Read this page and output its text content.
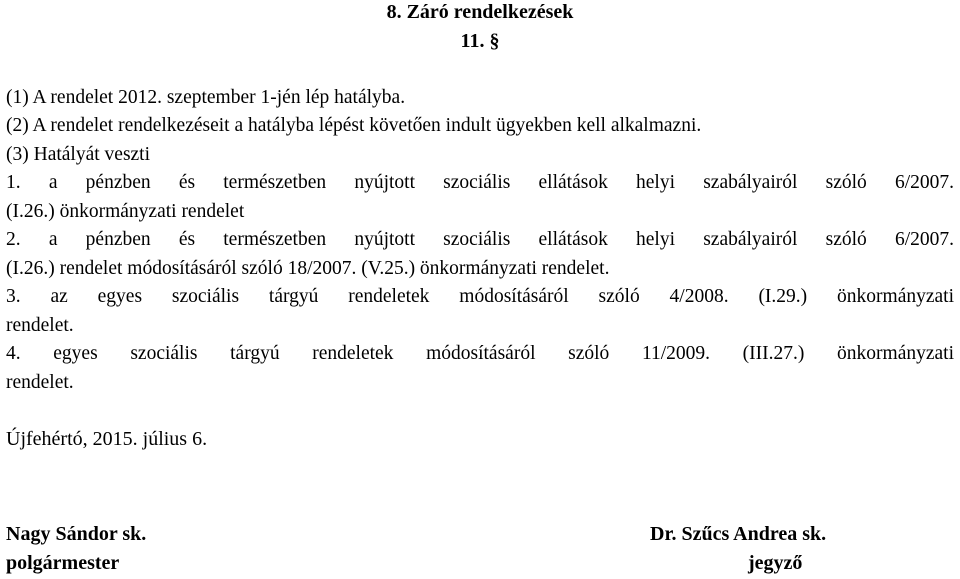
8. Záró rendelkezések
11. §
(1) A rendelet 2012. szeptember 1-jén lép hatályba.
(2) A rendelet rendelkezéseit a hatályba lépést követően indult ügyekben kell alkalmazni.
(3) Hatályát veszti
1. a pénzben és természetben nyújtott szociális ellátások helyi szabályairól szóló 6/2007.
(I.26.) önkormányzati rendelet
2. a pénzben és természetben nyújtott szociális ellátások helyi szabályairól szóló 6/2007.
(I.26.) rendelet módosításáról szóló 18/2007. (V.25.) önkormányzati rendelet.
3. az egyes szociális tárgyú rendeletek módosításáról szóló 4/2008. (I.29.) önkormányzati
rendelet.
4. egyes szociális tárgyú rendeletek módosításáról szóló 11/2009. (III.27.) önkormányzati
rendelet.
Újfehértó, 2015. július 6.
Nagy Sándor sk.
polgármester
Dr. Szűcs Andrea sk.
jegyző
